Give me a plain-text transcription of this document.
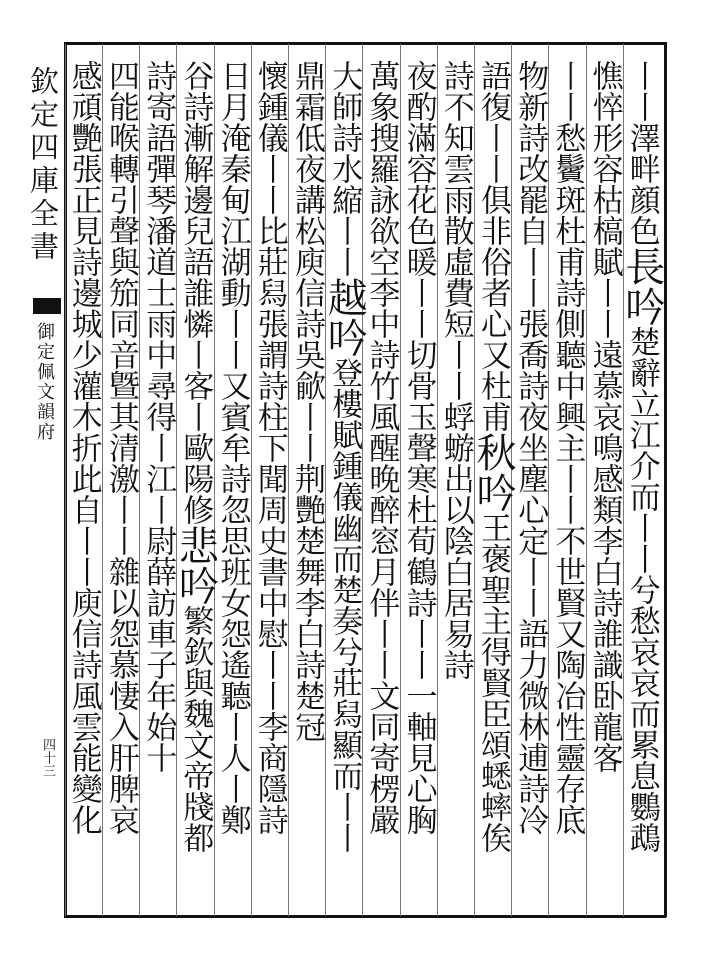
欽定四庫全書
御定佩文韻府
四十三
丨丨澤畔顔色長吟楚辭立江介而丨丨兮愁哀哀而累息鸚鵡
憔悴形容枯槁賦丨丨遠慕哀鳴感類李白詩誰識卧龍客
丨丨愁鬢斑杜甫詩側聽中興主丨丨不世賢又陶冶性靈存底
物新詩改罷自丨丨張喬詩夜坐塵心定丨丨語力微林逋詩冷
語復丨丨俱非俗者心又杜甫秋吟王褒聖主得賢臣頌蟋蟀俟
詩不知雲雨散虛費短丨丨蜉蝣出以陰白居易詩
夜酌滿容花色暖丨丨切骨玉聲寒杜荀鶴詩丨丨一軸見心胸
萬象搜羅詠欲空李中詩竹風醒晚醉窓月伴丨丨文同寄楞嚴
大師詩水縮丨丨越吟登樓賦鍾儀幽而楚奏兮莊舄顯而丨丨
鼎霜低夜講松庾信詩吳歈丨丨荆艷楚舞李白詩楚冠
懷鍾儀丨丨比莊舄張謂詩柱下聞周史書中慰丨丨李商隱詩
日月淹秦甸江湖動丨丨又賓牟詩忽思班女怨遙聽丨人丨鄭
谷詩漸解邊兒語誰憐丨客丨歐陽修悲吟繁欽與魏文帝牋都
詩寄語彈琴潘道士雨中尋得丨江丨尉薛訪車子年始十
四能喉轉引聲與笳同音曁其清激丨丨雜以怨慕悽入肝脾哀
感頑艷張正見詩邊城少灌木折此自丨丨庾信詩風雲能變化
